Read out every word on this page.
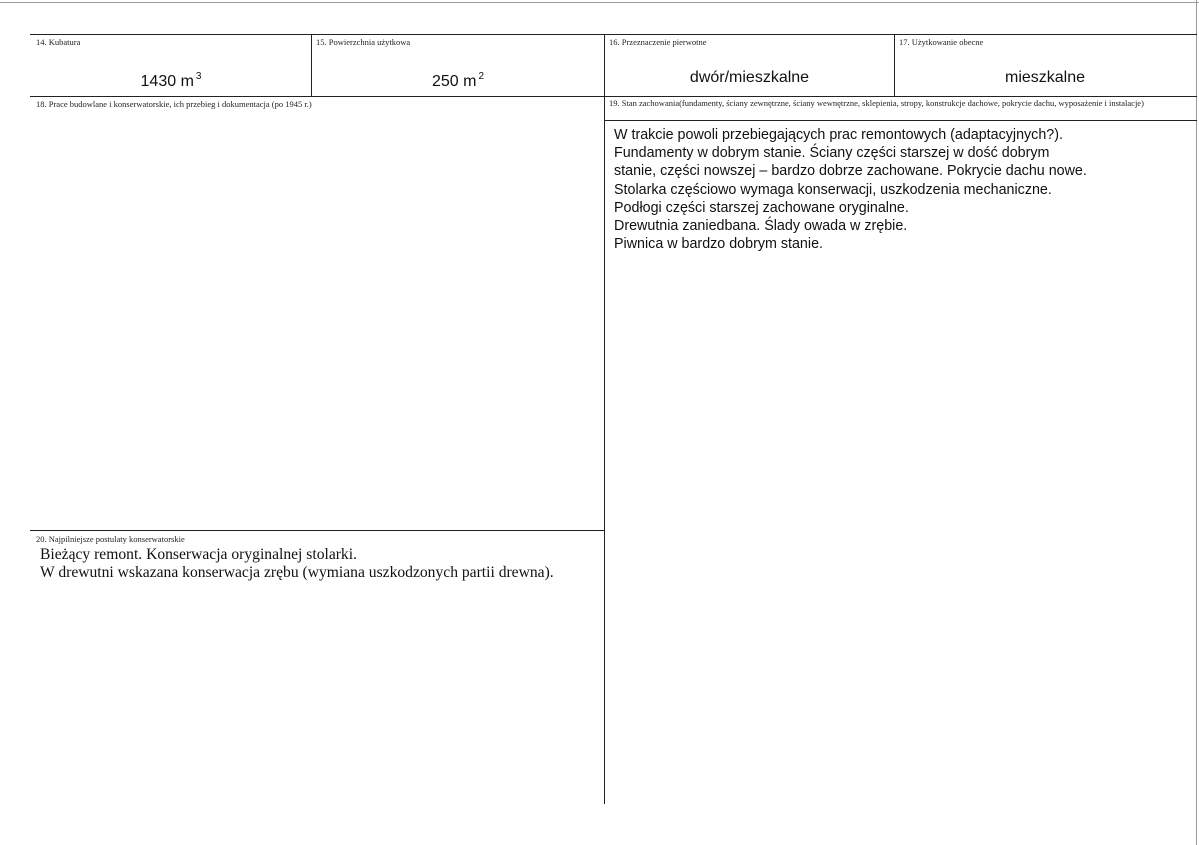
14. Kubatura
1430 m $^3$
15. Powierzchnia użytkowa
250 m $^2$
16. Przeznaczenie pierwotne
dwór/mieszkalne
17. Użytkowanie obecne
mieszkalne
18. Prace budowlane i konserwatorskie, ich przebieg i dokumentacja (po 1945 r.)	19. Stan zachowania(fundamenty, ściany zewnętrzne, ściany wewnętrzne, sklepienia, stropy, konstrukcje dachowe, pokrycie dachu, wyposażenie i instalacje)
W trakcie powoli przebiegających prac remontowych (adaptacyjnych?).
Fundamenty w dobrym stanie. Ściany części starszej w dość dobrym
stanie, części nowszej – bardzo dobrze zachowane. Pokrycie dachu nowe.
Stolarka częściowo wymaga konserwacji, uszkodzenia mechaniczne.
Podłogi części starszej zachowane oryginalne.
Drewutnia zaniedbana. Ślady owada w zrębie.
Piwnica w bardzo dobrym stanie.
20. Najpilniejsze postulaty konserwatorskie
Bieżący remont. Konserwacja oryginalnej stolarki.
W drewutni wskazana konserwacja zrębu (wymiana uszkodzonych partii drewna).
